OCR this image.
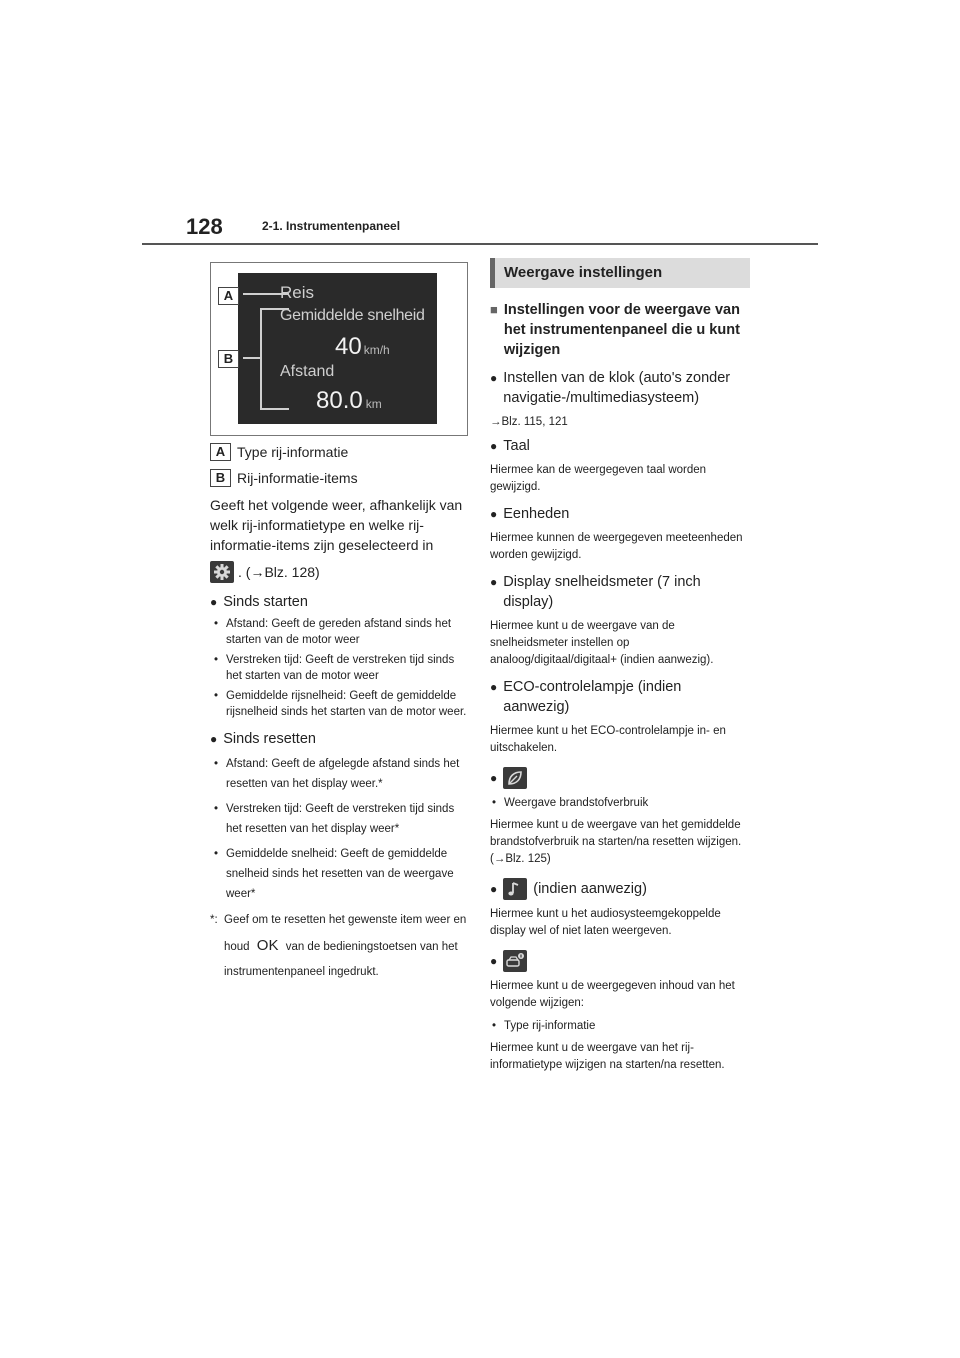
128	2-1. Instrumentenpaneel
Reis
Gemiddelde snelheid
40 km/h
Afstand
80.0 km
A
B
A Type rij-informatie
B Rij-informatie-items
Geeft het volgende weer, afhankelijk van welk rij-informatietype en welke rij-informatie-items zijn geselecteerd in
. (→Blz. 128)
● Sinds starten
• Afstand: Geeft de gereden afstand sinds het starten van de motor weer
• Verstreken tijd: Geeft de verstreken tijd sinds het starten van de motor weer
• Gemiddelde rijsnelheid: Geeft de gemiddelde rijsnelheid sinds het starten van de motor weer.
● Sinds resetten
• Afstand: Geeft de afgelegde afstand sinds het resetten van het display weer.*
• Verstreken tijd: Geeft de verstreken tijd sinds het resetten van het display weer*
• Gemiddelde snelheid: Geeft de gemiddelde snelheid sinds het resetten van de weergave weer*
*: Geef om te resetten het gewenste item weer en houd OK van de bedieningstoetsen van het instrumentenpaneel ingedrukt.
Weergave instellingen
■ Instellingen voor de weergave van het instrumentenpaneel die u kunt wijzigen
● Instellen van de klok (auto's zonder navigatie-/multimediasysteem)
→Blz. 115, 121
● Taal
Hiermee kan de weergegeven taal worden gewijzigd.
● Eenheden
Hiermee kunnen de weergegeven meeteenheden worden gewijzigd.
● Display snelheidsmeter (7 inch display)
Hiermee kunt u de weergave van de snelheidsmeter instellen op analoog/digitaal/digitaal+ (indien aanwezig).
● ECO-controlelampje (indien aanwezig)
Hiermee kunt u het ECO-controlelampje in- en uitschakelen.
●
• Weergave brandstofverbruik
Hiermee kunt u de weergave van het gemiddelde brandstofverbruik na starten/na resetten wijzigen. (→Blz. 125)
● (indien aanwezig)
Hiermee kunt u het audiosysteemgekoppelde display wel of niet laten weergeven.
●
Hiermee kunt u de weergegeven inhoud van het volgende wijzigen:
• Type rij-informatie
Hiermee kunt u de weergave van het rij-informatietype wijzigen na starten/na resetten.
